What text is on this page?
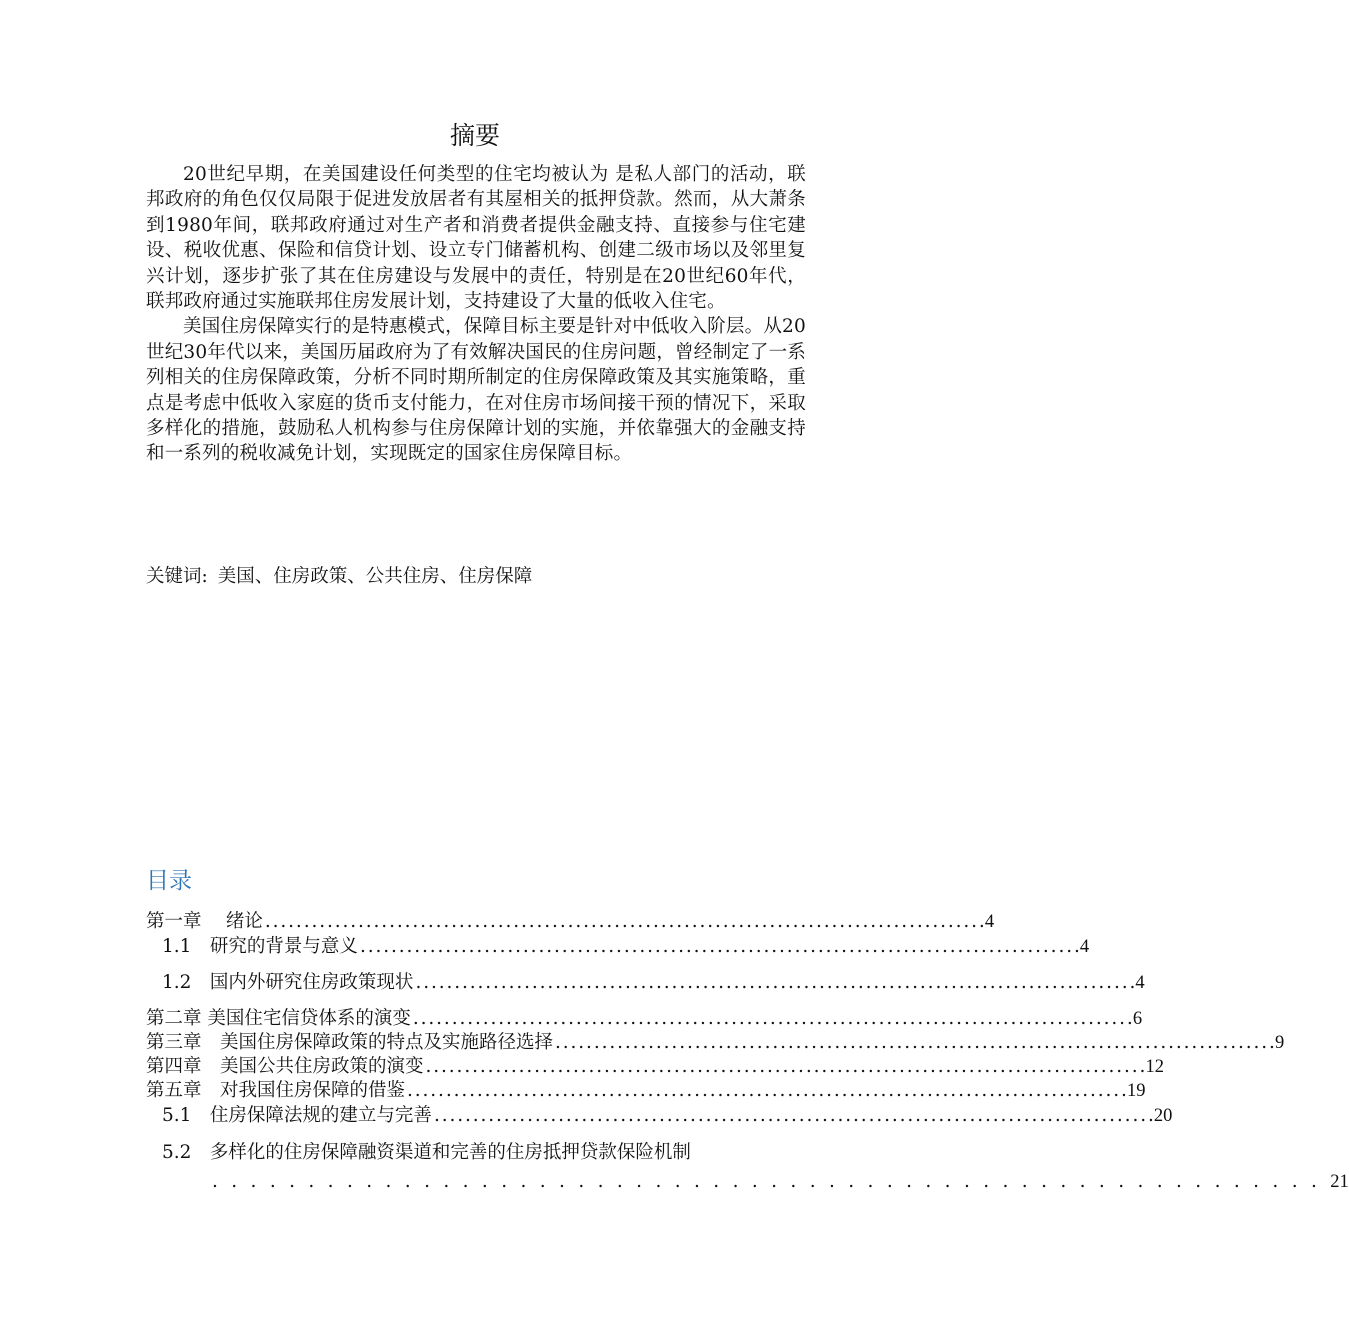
摘要

20世纪早期，在美国建设任何类型的住宅均被认为 是私人部门的活动，联邦政府的角色仅仅局限于促进发放居者有其屋相关的抵押贷款。然而，从大萧条到1980年间，联邦政府通过对生产者和消费者提供金融支持、直接参与住宅建设、税收优惠、保险和信贷计划、设立专门储蓄机构、创建二级市场以及邻里复兴计划，逐步扩张了其在住房建设与发展中的责任，特别是在20世纪60年代，联邦政府通过实施联邦住房发展计划，支持建设了大量的低收入住宅。

美国住房保障实行的是特惠模式，保障目标主要是针对中低收入阶层。从20世纪30年代以来，美国历届政府为了有效解决国民的住房问题，曾经制定了一系列相关的住房保障政策，分析不同时期所制定的住房保障政策及其实施策略，重点是考虑中低收入家庭的货币支付能力，在对住房市场间接干预的情况下，采取多样化的措施，鼓励私人机构参与住房保障计划的实施，并依靠强大的金融支持和一系列的税收减免计划，实现既定的国家住房保障目标。

关键词: 美国、住房政策、公共住房、住房保障
目录
第一章　 绪论 . . .	4
1.1　研究的背景与意义 . . .	4
1.2　国内外研究住房政策现状 . . .	4
第二章 美国住宅信贷体系的演变 . . .	6
第三章　美国住房保障政策的特点及实施路径选择 . . .	9
第四章　美国公共住房政策的演变 . . .	12
第五章　对我国住房保障的借鉴 . . .	19
5.1　住房保障法规的建立与完善 . . .	20
5.2　多样化的住房保障融资渠道和完善的住房抵押贷款保险机制
.......................................................... 21
